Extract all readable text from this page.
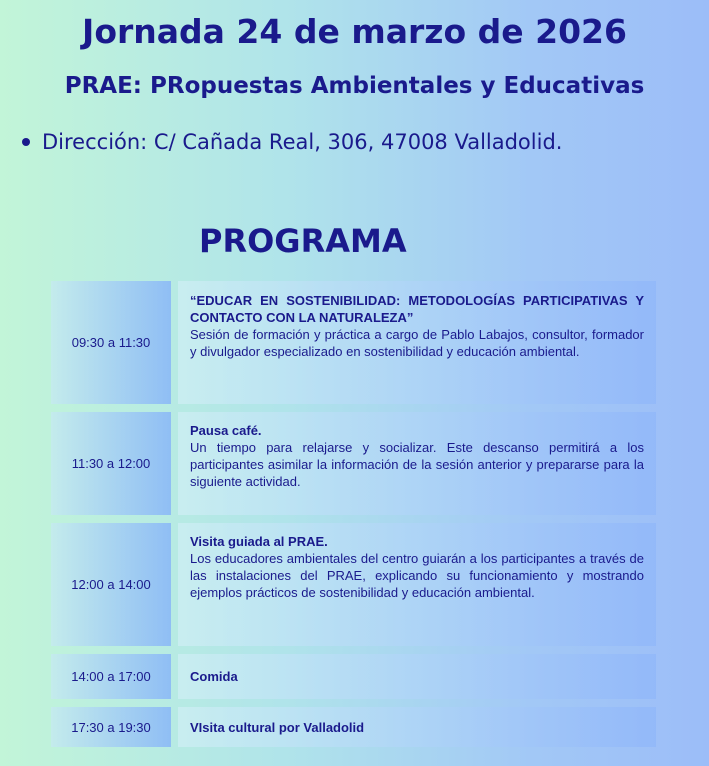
Jornada 24 de marzo de 2026
PRAE: PRopuestas Ambientales y Educativas
Dirección: C/ Cañada Real, 306, 47008 Valladolid.
PROGRAMA
09:30 a 11:30
“EDUCAR EN SOSTENIBILIDAD: METODOLOGÍAS PARTICIPATIVAS Y CONTACTO CON LA NATURALEZA”
Sesión de formación y práctica a cargo de Pablo Labajos, consultor, formador y divulgador especializado en sostenibilidad y educación ambiental.
11:30 a 12:00
Pausa café.
Un tiempo para relajarse y socializar. Este descanso permitirá a los participantes asimilar la información de la sesión anterior y prepararse para la siguiente actividad.
12:00 a 14:00
Visita guiada al PRAE.
Los educadores ambientales del centro guiarán a los participantes a través de las instalaciones del PRAE, explicando su funcionamiento y mostrando ejemplos prácticos de sostenibilidad y educación ambiental.
14:00 a 17:00	Comida
17:30 a 19:30	VIsita cultural por Valladolid
